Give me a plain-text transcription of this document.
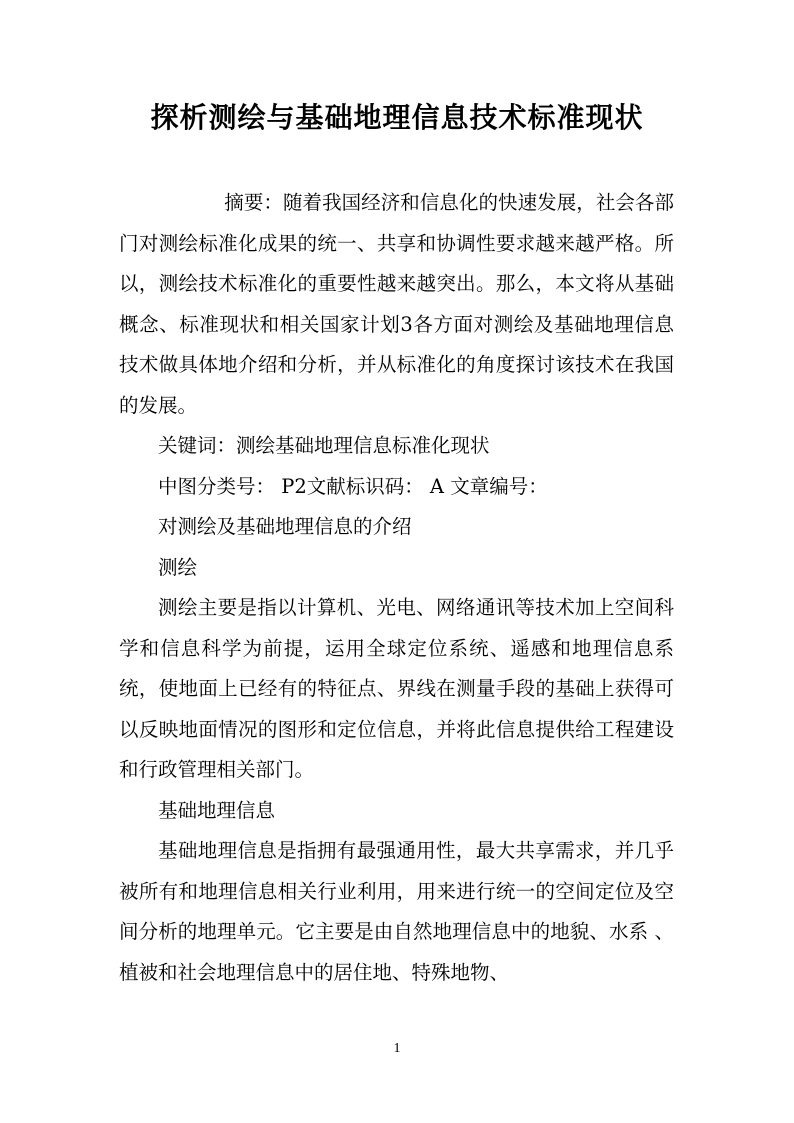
探析测绘与基础地理信息技术标准现状

摘要：随着我国经济和信息化的快速发展，社会各部门对测绘标准化成果的统一、共享和协调性要求越来越严格。所以，测绘技术标准化的重要性越来越突出。那么，本文将从基础概念、标准现状和相关国家计划3各方面对测绘及基础地理信息技术做具体地介绍和分析，并从标准化的角度探讨该技术在我国的发展。

关键词：测绘基础地理信息标准化现状

中图分类号： P2文献标识码： A 文章编号：

对测绘及基础地理信息的介绍

测绘

测绘主要是指以计算机、光电、网络通讯等技术加上空间科学和信息科学为前提，运用全球定位系统、遥感和地理信息系统，使地面上已经有的特征点、界线在测量手段的基础上获得可以反映地面情况的图形和定位信息，并将此信息提供给工程建设和行政管理相关部门。

基础地理信息

基础地理信息是指拥有最强通用性，最大共享需求，并几乎被所有和地理信息相关行业利用，用来进行统一的空间定位及空间分析的地理单元。它主要是由自然地理信息中的地貌、水系 、植被和社会地理信息中的居住地、特殊地物、

1
